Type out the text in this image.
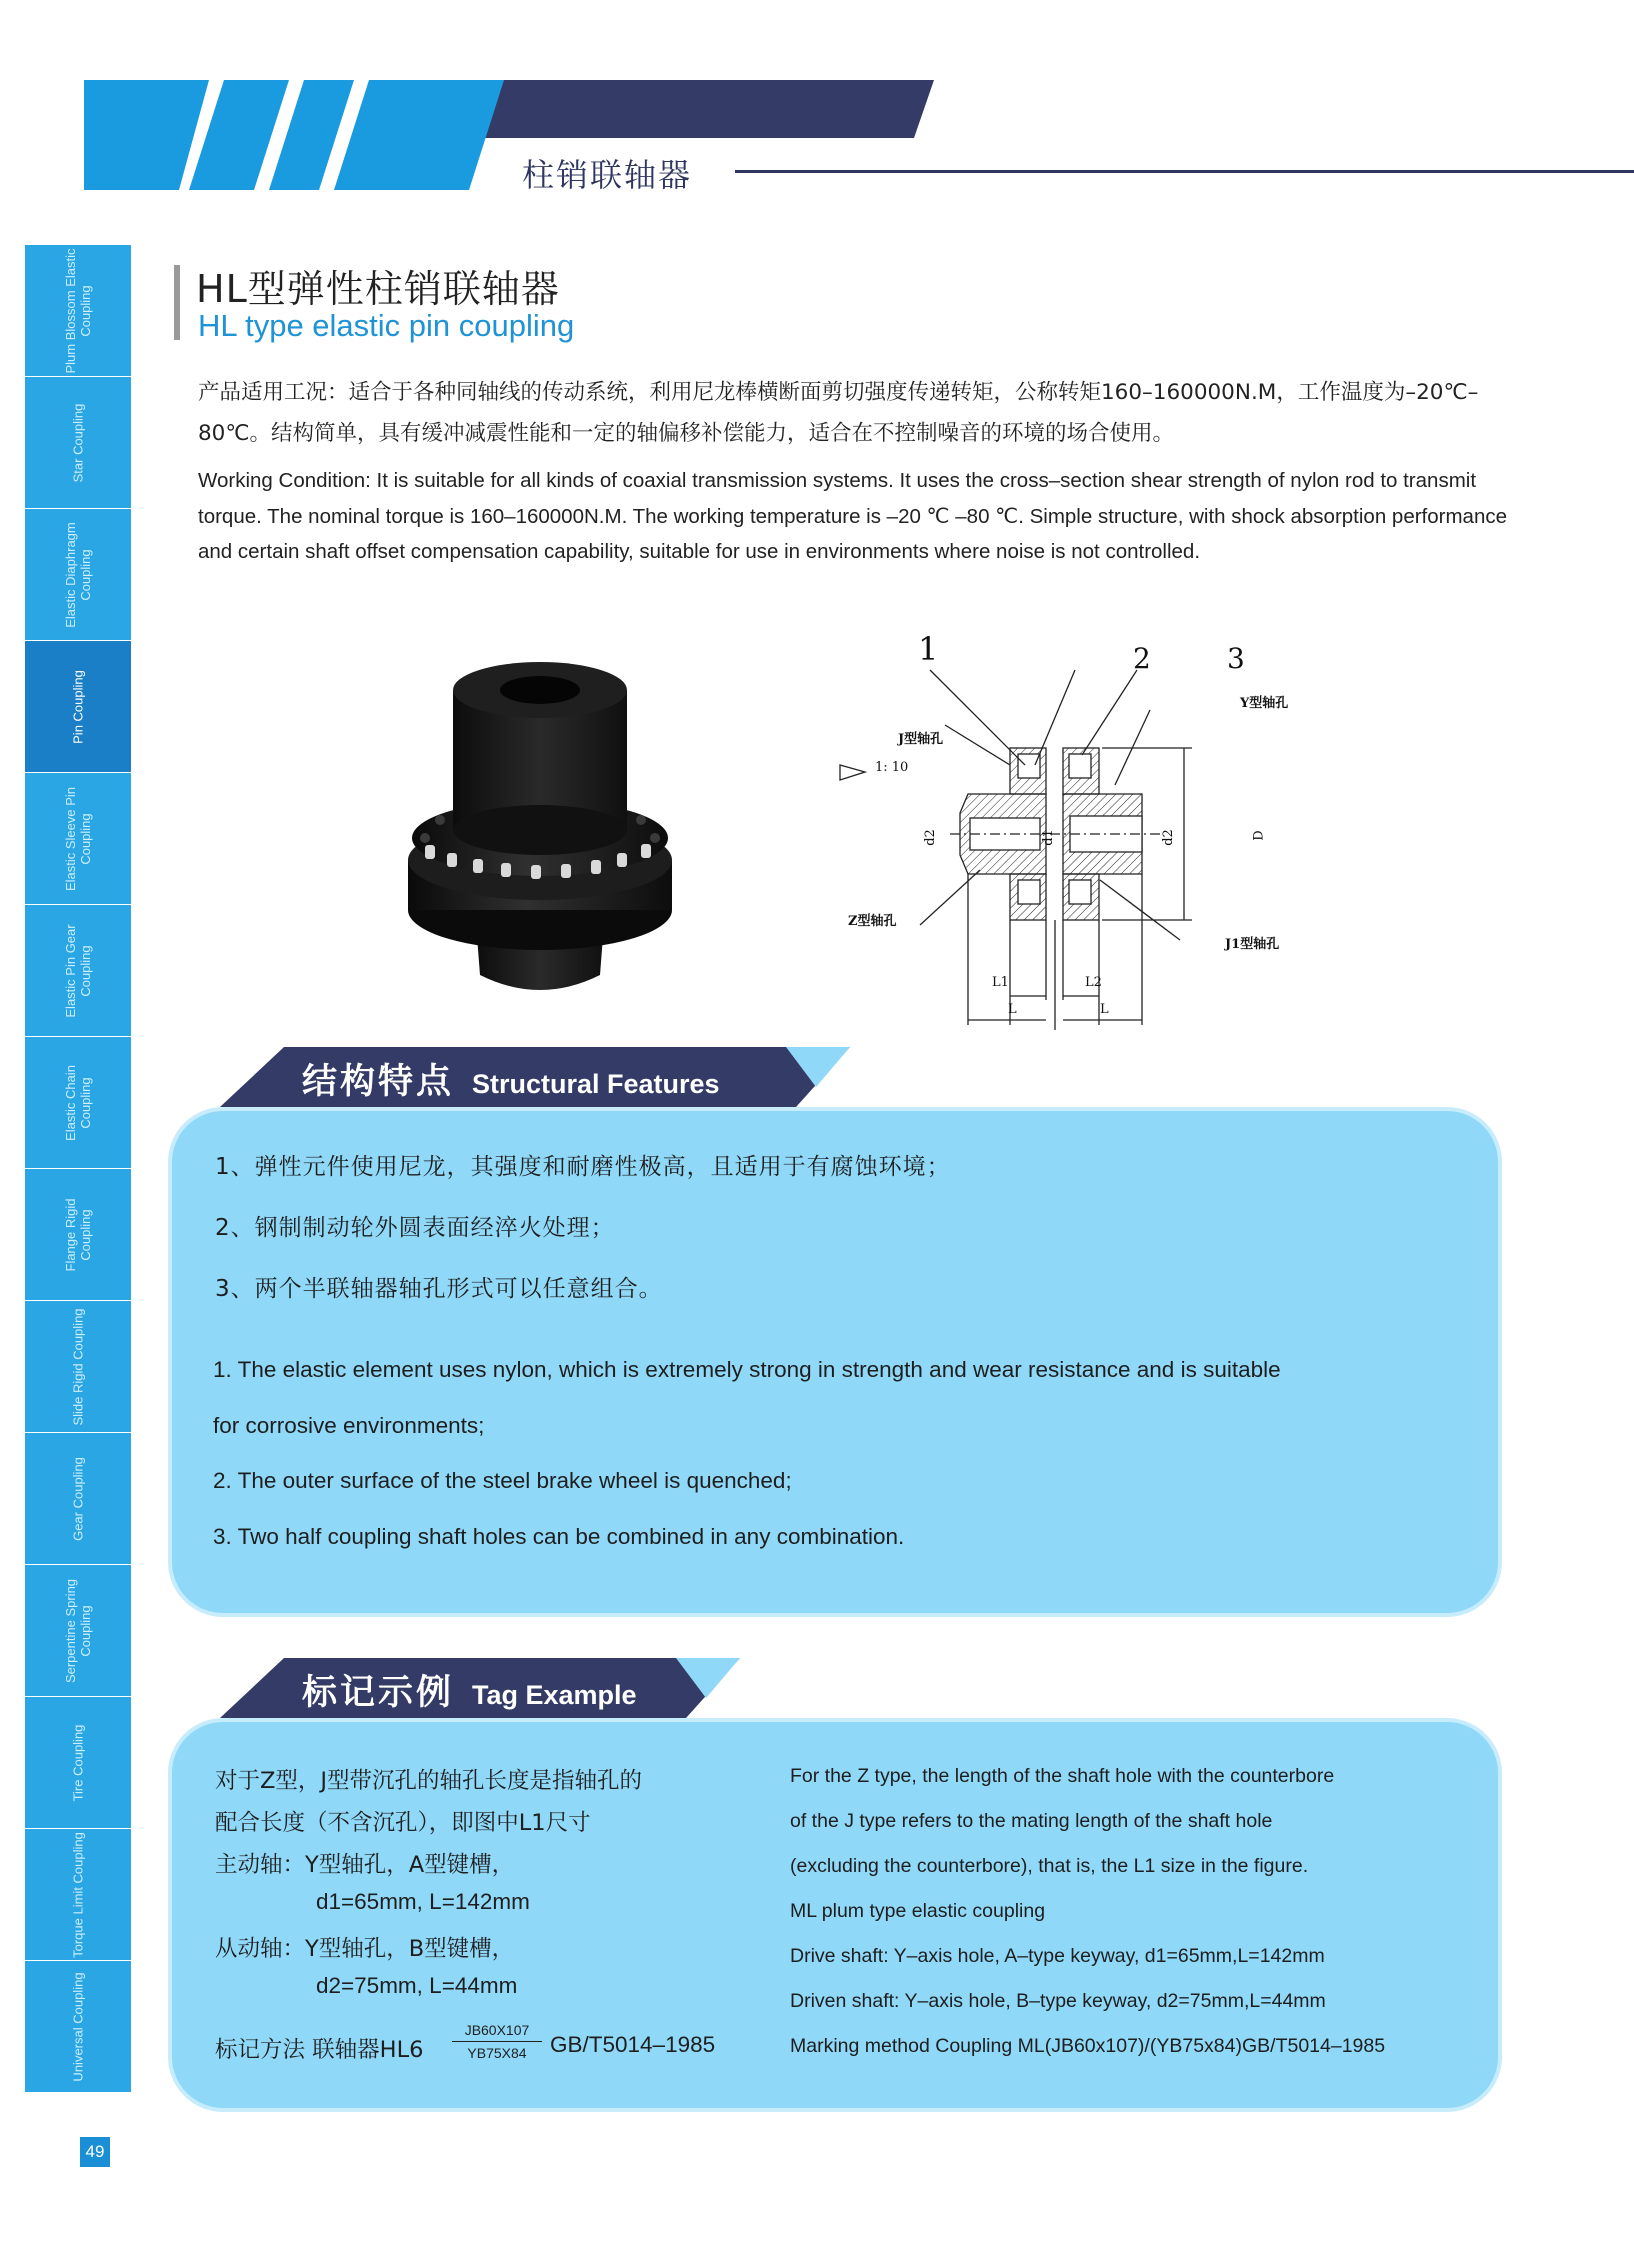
柱销联轴器
Plum Blossom Elastic Coupling
Star Coupling
Elastic Diaphragm Coupling
Pin Coupling
Elastic Sleeve Pin Coupling
Elastic Pin Gear Coupling
Elastic Chain Coupling
Flange Rigid Coupling
Slide Rigid Coupling
Gear Coupling
Serpentine Spring Coupling
Tire Coupling
Torque Limit Coupling
Universal Coupling
49
HL型弹性柱销联轴器
HL type elastic pin coupling
产品适用工况：适合于各种同轴线的传动系统，利用尼龙棒横断面剪切强度传递转矩，公称转矩160–160000N.M，工作温度为–20℃–80℃。结构简单，具有缓冲减震性能和一定的轴偏移补偿能力，适合在不控制噪音的环境的场合使用。
Working Condition: It is suitable for all kinds of coaxial transmission systems. It uses the cross–section shear strength of nylon rod to transmit torque. The nominal torque is 160–160000N.M. The working temperature is –20 ℃ –80 ℃. Simple structure, with shock absorption performance and certain shaft offset compensation capability, suitable for use in environments where noise is not controlled.
1	2	3
J型轴孔
Y型轴孔
Z型轴孔
J1型轴孔
1: 10
d1	d2
d2	D
L1	L2
L	L
结构特点 Structural Features
1、弹性元件使用尼龙，其强度和耐磨性极高，且适用于有腐蚀环境；
2、钢制制动轮外圆表面经淬火处理；
3、两个半联轴器轴孔形式可以任意组合。
1. The elastic element uses nylon, which is extremely strong in strength and wear resistance and is suitable
for corrosive environments;
2. The outer surface of the steel brake wheel is quenched;
3. Two half coupling shaft holes can be combined in any combination.
标记示例 Tag Example
对于Z型，J型带沉孔的轴孔长度是指轴孔的
配合长度（不含沉孔），即图中L1尺寸
主动轴：Y型轴孔，A型键槽，
d1=65mm, L=142mm
从动轴：Y型轴孔，B型键槽，
d2=75mm, L=44mm
标记方法 联轴器HL6
JB60X107
YB75X84	GB/T5014–1985
For the Z type, the length of the shaft hole with the counterbore
of the J type refers to the mating length of the shaft hole
(excluding the counterbore), that is, the L1 size in the figure.
ML plum type elastic coupling
Drive shaft: Y–axis hole, A–type keyway, d1=65mm,L=142mm
Driven shaft: Y–axis hole, B–type keyway, d2=75mm,L=44mm
Marking method Coupling ML(JB60x107)/(YB75x84)GB/T5014–1985
